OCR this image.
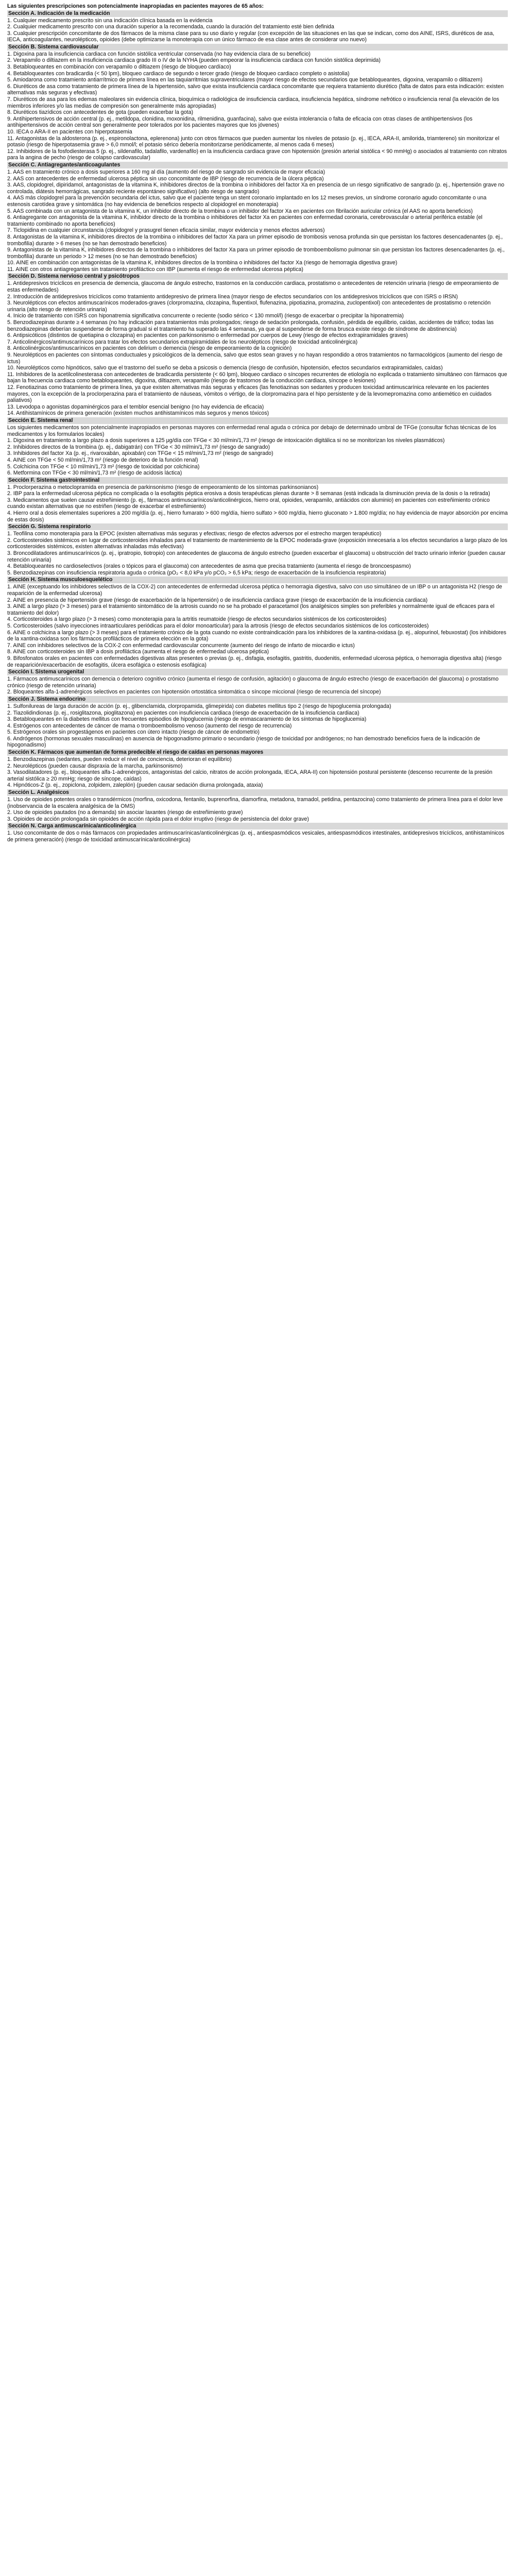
Las siguientes prescripciones son potencialmente inapropiadas en pacientes mayores de 65 años:
Sección A. Indicación de la medicación
1. Cualquier medicamento prescrito sin una indicación clínica basada en la evidencia
2. Cualquier medicamento prescrito con una duración superior a la recomendada, cuando la duración del tratamiento esté bien definida
3. Cualquier prescripción concomitante de dos fármacos de la misma clase para su uso diario y regular (con excepción de las situaciones en las que se indican, como dos AINE, ISRS, diuréticos de asa, IECA, anticoagulantes, neurolépticos, opioides (debe optimizarse la monoterapia con un único fármaco de esa clase antes de considerar uno nuevo)
Sección B. Sistema cardiovascular
1. Digoxina para la insuficiencia cardiaca con función sistólica ventricular conservada (no hay evidencia clara de su beneficio)
2. Verapamilo o diltiazem en la insuficiencia cardiaca grado III o IV de la NYHA (pueden empeorar la insuficiencia cardiaca con función sistólica deprimida)
3. Betabloqueantes en combinación con verapamilo o diltiazem (riesgo de bloqueo cardíaco)
4. Betabloqueantes con bradicardia (< 50 lpm), bloqueo cardiaco de segundo o tercer grado (riesgo de bloqueo cardiaco completo o asistolia)
5. Amiodarona como tratamiento antiarrítmico de primera línea en las taquiarritmias supraventriculares (mayor riesgo de efectos secundarios que betabloqueantes, digoxina, verapamilo o diltiazem)
6. Diuréticos de asa como tratamiento de primera línea de la hipertensión, salvo que exista insuficiencia cardiaca concomitante que requiera tratamiento diurético (falta de datos para esta indicación: existen alternativas más seguras y efectivas)
7. Diuréticos de asa para los edemas maleolares sin evidencia clínica, bioquímica o radiológica de insuficiencia cardiaca, insuficiencia hepática, síndrome nefrótico o insuficiencia renal (la elevación de los miembros inferiores y/o las medias de compresión son generalmente más apropiadas)
8. Diuréticos tiazídicos con antecedentes de gota (pueden exacerbar la gota)
9. Antihipertensivos de acción central (p. ej., metildopa, clonidina, moxonidina, rilmenidina, guanfacina), salvo que exista intolerancia o falta de eficacia con otras clases de antihipertensivos (los antihipertensivos de acción central son generalmente peor tolerados por los pacientes mayores que los jóvenes)
10. IECA o ARA-II en pacientes con hiperpotasemia
11. Antagonistas de la aldosterona (p. ej., espironolactona, eplerenona) junto con otros fármacos que pueden aumentar los niveles de potasio (p. ej., IECA, ARA-II, amilorida, triamtereno) sin monitorizar el potasio (riesgo de hiperpotasemia grave > 6,0 mmol/l; el potasio sérico debería monitorizarse periódicamente, al menos cada 6 meses)
12. Inhibidores de la fosfodiesterasa 5 (p. ej., sildenafilo, tadalafilo, vardenafilo) en la insuficiencia cardiaca grave con hipotensión (presión arterial sistólica < 90 mmHg) o asociados al tratamiento con nitratos para la angina de pecho (riesgo de colapso cardiovascular)
Sección C. Antiagregantes/anticoagulantes
1. AAS en tratamiento crónico a dosis superiores a 160 mg al día (aumento del riesgo de sangrado sin evidencia de mayor eficacia)
2. AAS con antecedentes de enfermedad ulcerosa péptica sin uso concomitante de IBP (riesgo de recurrencia de la úlcera péptica)
3. AAS, clopidogrel, dipiridamol, antagonistas de la vitamina K, inhibidores directos de la trombina o inhibidores del factor Xa en presencia de un riesgo significativo de sangrado (p. ej., hipertensión grave no controlada, diátesis hemorrágicas, sangrado reciente espontáneo significativo) (alto riesgo de sangrado)
4. AAS más clopidogrel para la prevención secundaria del ictus, salvo que el paciente tenga un stent coronario implantado en los 12 meses previos, un síndrome coronario agudo concomitante o una estenosis carotídea grave y sintomática (no hay evidencia de beneficios respecto al clopidogrel en monoterapia)
5. AAS combinada con un antagonista de la vitamina K, un inhibidor directo de la trombina o un inhibidor del factor Xa en pacientes con fibrilación auricular crónica (el AAS no aporta beneficios)
6. Antiagregante con antagonista de la vitamina K, inhibidor directo de la trombina o inhibidores del factor Xa en pacientes con enfermedad coronaria, cerebrovascular o arterial periférica estable (el tratamiento combinado no aporta beneficios)
7. Ticlopidina en cualquier circunstancia (clopidogrel y prasugrel tienen eficacia similar, mayor evidencia y menos efectos adversos)
8. Antagonistas de la vitamina K, inhibidores directos de la trombina o inhibidores del factor Xa para un primer episodio de trombosis venosa profunda sin que persistan los factores desencadenantes (p. ej., trombofilia) durante > 6 meses (no se han demostrado beneficios)
9. Antagonistas de la vitamina K, inhibidores directos de la trombina o inhibidores del factor Xa para un primer episodio de tromboembolismo pulmonar sin que persistan los factores desencadenantes (p. ej., trombofilia) durante un periodo > 12 meses (no se han demostrado beneficios)
10. AINE en combinación con antagonistas de la vitamina K, inhibidores directos de la trombina o inhibidores del factor Xa (riesgo de hemorragia digestiva grave)
11. AINE con otros antiagregantes sin tratamiento profiláctico con IBP (aumenta el riesgo de enfermedad ulcerosa péptica)
Sección D. Sistema nervioso central y psicótropos
1. Antidepresivos tricíclicos en presencia de demencia, glaucoma de ángulo estrecho, trastornos en la conducción cardiaca, prostatismo o antecedentes de retención urinaria (riesgo de empeoramiento de estas enfermedades)
2. Introducción de antidepresivos tricíclicos como tratamiento antidepresivo de primera línea (mayor riesgo de efectos secundarios con los antidepresivos tricíclicos que con ISRS o IRSN)
3. Neurolépticos con efectos antimuscarínicos moderados-graves (clorpromazina, clozapina, flupentixol, flufenazina, pipotiazina, promazina, zuclopentixol) con antecedentes de prostatismo o retención urinaria (alto riesgo de retención urinaria)
4. Inicio de tratamiento con ISRS con hiponatremia significativa concurrente o reciente (sodio sérico < 130 mmol/l) (riesgo de exacerbar o precipitar la hiponatremia)
5. Benzodiazepinas durante ≥ 4 semanas (no hay indicación para tratamientos más prolongados; riesgo de sedación prolongada, confusión, pérdida de equilibrio, caídas, accidentes de tráfico; todas las benzodiazepinas deberían suspenderse de forma gradual si el tratamiento ha superado las 4 semanas, ya que al suspenderse de forma brusca existe riesgo de síndrome de abstinencia)
6. Antipsicóticos (distintos de quetiapina o clozapina) en pacientes con parkinsonismo o enfermedad por cuerpos de Lewy (riesgo de efectos extrapiramidales graves)
7. Anticolinérgicos/antimuscarínicos para tratar los efectos secundarios extrapiramidales de los neurolépticos (riesgo de toxicidad anticolinérgica)
8. Anticolinérgicos/antimuscarínicos en pacientes con delirium o demencia (riesgo de empeoramiento de la cognición)
9. Neurolépticos en pacientes con síntomas conductuales y psicológicos de la demencia, salvo que estos sean graves y no hayan respondido a otros tratamientos no farmacológicos (aumento del riesgo de ictus)
10. Neurolépticos como hipnóticos, salvo que el trastorno del sueño se deba a psicosis o demencia (riesgo de confusión, hipotensión, efectos secundarios extrapiramidales, caídas)
11. Inhibidores de la acetilcolinesterasa con antecedentes de bradicardia persistente (< 60 lpm), bloqueo cardiaco o síncopes recurrentes de etiología no explicada o tratamiento simultáneo con fármacos que bajan la frecuencia cardiaca como betabloqueantes, digoxina, diltiazem, verapamilo (riesgo de trastornos de la conducción cardiaca, síncope o lesiones)
12. Fenotiazinas como tratamiento de primera línea, ya que existen alternativas más seguras y eficaces (las fenotiazinas son sedantes y producen toxicidad antimuscarínica relevante en los pacientes mayores, con la excepción de la proclorperazina para el tratamiento de náuseas, vómitos o vértigo, de la clorpromazina para el hipo persistente y de la levomepromazina como antiemético en cuidados paliativos)
13. Levodopa o agonistas dopaminérgicos para el temblor esencial benigno (no hay evidencia de eficacia)
14. Antihistamínicos de primera generación (existen muchos antihistamínicos más seguros y menos tóxicos)
Sección E. Sistema renal
Los siguientes medicamentos son potencialmente inapropiados en personas mayores con enfermedad renal aguda o crónica por debajo de determinado umbral de TFGe (consultar fichas técnicas de los medicamentos y los formularios locales)
1. Digoxina en tratamiento a largo plazo a dosis superiores a 125 μg/día con TFGe < 30 ml/min/1,73 m² (riesgo de intoxicación digitálica si no se monitorizan los niveles plasmáticos)
2. Inhibidores directos de la trombina (p. ej., dabigatrán) con TFGe < 30 ml/min/1,73 m² (riesgo de sangrado)
3. Inhibidores del factor Xa (p. ej., rivaroxabán, apixabán) con TFGe < 15 ml/min/1,73 m² (riesgo de sangrado)
4. AINE con TFGe < 50 ml/min/1,73 m² (riesgo de deterioro de la función renal)
5. Colchicina con TFGe < 10 ml/min/1,73 m² (riesgo de toxicidad por colchicina)
6. Metformina con TFGe < 30 ml/min/1,73 m² (riesgo de acidosis láctica)
Sección F. Sistema gastrointestinal
1. Proclorperazina o metoclopramida en presencia de parkinsonismo (riesgo de empeoramiento de los síntomas parkinsonianos)
2. IBP para la enfermedad ulcerosa péptica no complicada o la esofagitis péptica erosiva a dosis terapéuticas plenas durante > 8 semanas (está indicada la disminución previa de la dosis o la retirada)
3. Medicamentos que suelen causar estreñimiento (p. ej., fármacos antimuscarínicos/anticolinérgicos, hierro oral, opioides, verapamilo, antiácidos con aluminio) en pacientes con estreñimiento crónico cuando existan alternativas que no estriñen (riesgo de exacerbar el estreñimiento)
4. Hierro oral a dosis elementales superiores a 200 mg/día (p. ej., hierro fumarato > 600 mg/día, hierro sulfato > 600 mg/día, hierro gluconato > 1.800 mg/día; no hay evidencia de mayor absorción por encima de estas dosis)
Sección G. Sistema respiratorio
1. Teofilina como monoterapia para la EPOC (existen alternativas más seguras y efectivas; riesgo de efectos adversos por el estrecho margen terapéutico)
2. Corticosteroides sistémicos en lugar de corticosteroides inhalados para el tratamiento de mantenimiento de la EPOC moderada-grave (exposición innecesaria a los efectos secundarios a largo plazo de los corticosteroides sistémicos, existen alternativas inhaladas más efectivas)
3. Broncodilatadores antimuscarínicos (p. ej., ipratropio, tiotropio) con antecedentes de glaucoma de ángulo estrecho (pueden exacerbar el glaucoma) u obstrucción del tracto urinario inferior (pueden causar retención urinaria)
4. Betabloqueantes no cardioselectivos (orales o tópicos para el glaucoma) con antecedentes de asma que precisa tratamiento (aumenta el riesgo de broncoespasmo)
5. Benzodiazepinas con insuficiencia respiratoria aguda o crónica (pO₂ < 8,0 kPa y/o pCO₂ > 6,5 kPa; riesgo de exacerbación de la insuficiencia respiratoria)
Sección H. Sistema musculoesquelético
1. AINE (exceptuando los inhibidores selectivos de la COX-2) con antecedentes de enfermedad ulcerosa péptica o hemorragia digestiva, salvo con uso simultáneo de un IBP o un antagonista H2 (riesgo de reaparición de la enfermedad ulcerosa)
2. AINE en presencia de hipertensión grave (riesgo de exacerbación de la hipertensión) o de insuficiencia cardiaca grave (riesgo de exacerbación de la insuficiencia cardiaca)
3. AINE a largo plazo (> 3 meses) para el tratamiento sintomático de la artrosis cuando no se ha probado el paracetamol (los analgésicos simples son preferibles y normalmente igual de eficaces para el tratamiento del dolor)
4. Corticosteroides a largo plazo (> 3 meses) como monoterapia para la artritis reumatoide (riesgo de efectos secundarios sistémicos de los corticosteroides)
5. Corticosteroides (salvo inyecciones intraarticulares periódicas para el dolor monoarticular) para la artrosis (riesgo de efectos secundarios sistémicos de los corticosteroides)
6. AINE o colchicina a largo plazo (> 3 meses) para el tratamiento crónico de la gota cuando no existe contraindicación para los inhibidores de la xantina-oxidasa (p. ej., alopurinol, febuxostat) (los inhibidores de la xantina-oxidasa son los fármacos profilácticos de primera elección en la gota)
7. AINE con inhibidores selectivos de la COX-2 con enfermedad cardiovascular concurrente (aumento del riesgo de infarto de miocardio e ictus)
8. AINE con corticosteroides sin IBP a dosis profiláctica (aumenta el riesgo de enfermedad ulcerosa péptica)
9. Bifosfonatos orales en pacientes con enfermedades digestivas altas presentes o previas (p. ej., disfagia, esofagitis, gastritis, duodenitis, enfermedad ulcerosa péptica, o hemorragia digestiva alta) (riesgo de reaparición/exacerbación de esofagitis, úlcera esofágica o estenosis esofágica)
Sección I. Sistema urogenital
1. Fármacos antimuscarínicos con demencia o deterioro cognitivo crónico (aumenta el riesgo de confusión, agitación) o glaucoma de ángulo estrecho (riesgo de exacerbación del glaucoma) o prostatismo crónico (riesgo de retención urinaria)
2. Bloqueantes alfa-1-adrenérgicos selectivos en pacientes con hipotensión ortostática sintomática o síncope miccional (riesgo de recurrencia del síncope)
Sección J. Sistema endocrino
1. Sulfonilureas de larga duración de acción (p. ej., glibenclamida, clorpropamida, glimepirida) con diabetes mellitus tipo 2 (riesgo de hipoglucemia prolongada)
2. Tiazolidindionas (p. ej., rosiglitazona, pioglitazona) en pacientes con insuficiencia cardiaca (riesgo de exacerbación de la insuficiencia cardiaca)
3. Betabloqueantes en la diabetes mellitus con frecuentes episodios de hipoglucemia (riesgo de enmascaramiento de los síntomas de hipoglucemia)
4. Estrógenos con antecedentes de cáncer de mama o tromboembolismo venoso (aumento del riesgo de recurrencia)
5. Estrógenos orales sin progestágenos en pacientes con útero intacto (riesgo de cáncer de endometrio)
6. Andrógenos (hormonas sexuales masculinas) en ausencia de hipogonadismo primario o secundario (riesgo de toxicidad por andrógenos; no han demostrado beneficios fuera de la indicación de hipogonadismo)
Sección K. Fármacos que aumentan de forma predecible el riesgo de caídas en personas mayores
1. Benzodiazepinas (sedantes, pueden reducir el nivel de conciencia, deterioran el equilibrio)
2. Neurolépticos (pueden causar dispraxia de la marcha, parkinsonismo)
3. Vasodilatadores (p. ej., bloqueantes alfa-1-adrenérgicos, antagonistas del calcio, nitratos de acción prolongada, IECA, ARA-II) con hipotensión postural persistente (descenso recurrente de la presión arterial sistólica ≥ 20 mmHg; riesgo de síncope, caídas)
4. Hipnóticos-Z (p. ej., zopiclona, zolpidem, zaleplón) (pueden causar sedación diurna prolongada, ataxia)
Sección L. Analgésicos
1. Uso de opioides potentes orales o transdérmicos (morfina, oxicodona, fentanilo, buprenorfina, diamorfina, metadona, tramadol, petidina, pentazocina) como tratamiento de primera línea para el dolor leve (inobservancia de la escalera analgésica de la OMS)
2. Uso de opioides pautados (no a demanda) sin asociar laxantes (riesgo de estreñimiento grave)
3. Opioides de acción prolongada sin opioides de acción rápida para el dolor irruptivo (riesgo de persistencia del dolor grave)
Sección N. Carga antimuscarínica/anticolinérgica
1. Uso concomitante de dos o más fármacos con propiedades antimuscarínicas/anticolinérgicas (p. ej., antiespasmódicos vesicales, antiespasmódicos intestinales, antidepresivos tricíclicos, antihistamínicos de primera generación) (riesgo de toxicidad antimuscarínica/anticolinérgica)
